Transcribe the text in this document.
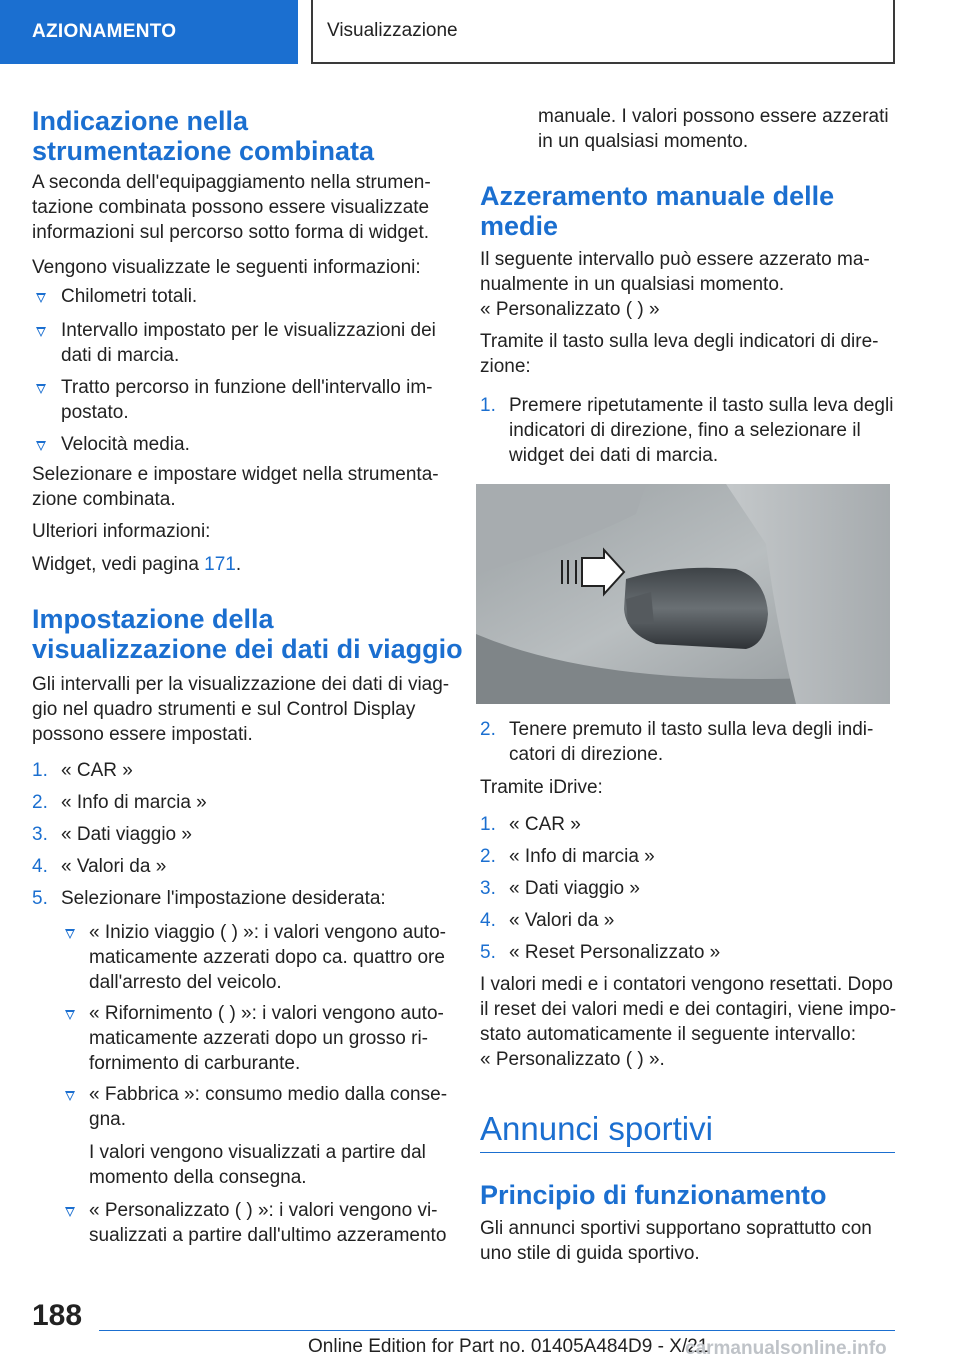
AZIONAMENTO	Visualizzazione
Indicazione nella strumentazione combinata
188
Online Edition for Part no. 01405A484D9 - X/21
carmanualsonline.info
A seconda dell'equipaggiamento nella strumen-
tazione combinata possono essere visualizzate
informazioni sul percorso sotto forma di widget.
Vengono visualizzate le seguenti informazioni:
Chilometri totali.
Intervallo impostato per le visualizzazioni dei
dati di marcia.
Tratto percorso in funzione dell'intervallo im-
postato.
Velocità media.
Selezionare e impostare widget nella strumenta-
zione combinata.
Ulteriori informazioni:
Widget, vedi pagina 171.
Impostazione della
visualizzazione dei dati di viaggio
Gli intervalli per la visualizzazione dei dati di viag-
gio nel quadro strumenti e sul Control Display
possono essere impostati.
1. « CAR »
2. « Info di marcia »
3. « Dati viaggio »
4. « Valori da »
5. Selezionare l'impostazione desiderata:
« Inizio viaggio ( ) »: i valori vengono auto-
maticamente azzerati dopo ca. quattro ore
dall'arresto del veicolo.
« Rifornimento ( ) »: i valori vengono auto-
maticamente azzerati dopo un grosso ri-
fornimento di carburante.
« Fabbrica »: consumo medio dalla conse-
gna.
I valori vengono visualizzati a partire dal
momento della consegna.
« Personalizzato ( ) »: i valori vengono vi-
sualizzati a partire dall'ultimo azzeramento
manuale. I valori possono essere azzerati
in un qualsiasi momento.
Azzeramento manuale delle
medie
Il seguente intervallo può essere azzerato ma-
nualmente in un qualsiasi momento.
« Personalizzato ( ) »
Tramite il tasto sulla leva degli indicatori di dire-
zione:
1. Premere ripetutamente il tasto sulla leva degli
indicatori di direzione, fino a selezionare il
widget dei dati di marcia.
2. Tenere premuto il tasto sulla leva degli indi-
catori di direzione.
Tramite iDrive:
1. « CAR »
2. « Info di marcia »
3. « Dati viaggio »
4. « Valori da »
5. « Reset Personalizzato »
I valori medi e i contatori vengono resettati. Dopo
il reset dei valori medi e dei contagiri, viene impo-
stato automaticamente il seguente intervallo:
« Personalizzato ( ) ».
Annunci sportivi
Principio di funzionamento
Gli annunci sportivi supportano soprattutto con
uno stile di guida sportivo.
